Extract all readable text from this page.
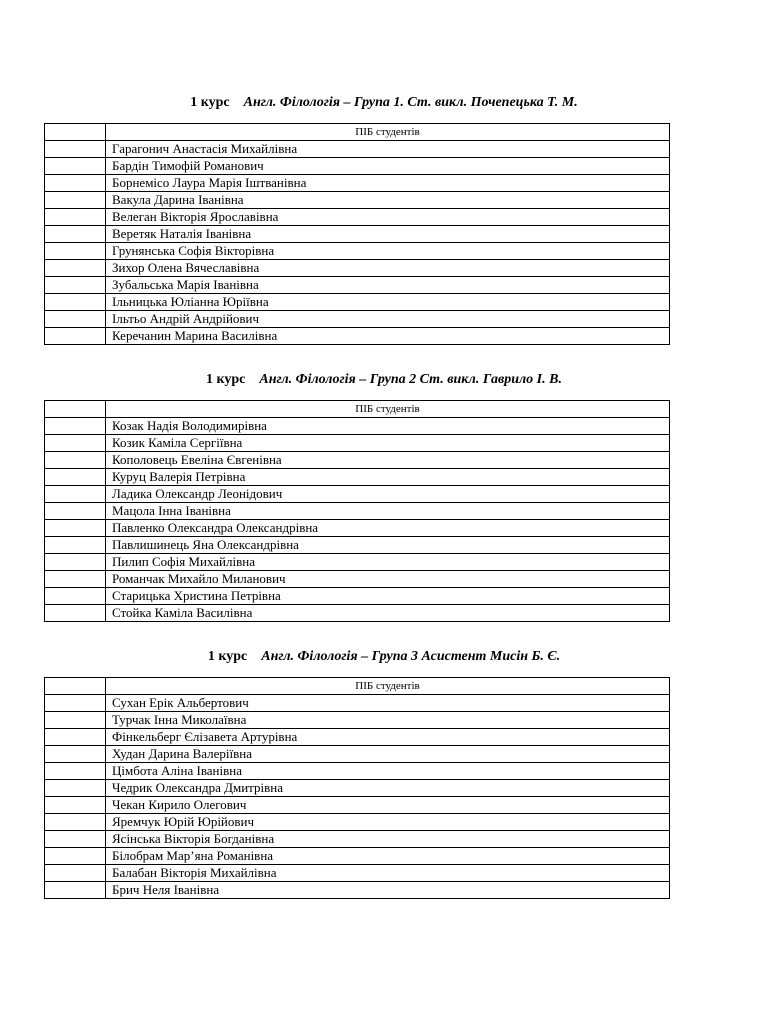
1 курс Англ. Філологія – Група 1. Ст. викл. Почепецька Т. М.
	ПІБ студентів
	Гарагонич Анастасія Михайлівна
	Бардін Тимофій Романович
	Борнемісо Лаура Марія Іштванівна
	Вакула Дарина Іванівна
	Велеган Вікторія Ярославівна
	Веретяк Наталія Іванівна
	Грунянська Софія Вікторівна
	Зихор Олена Вячеславівна
	Зубальська Марія Іванівна
	Ільницька Юліанна Юріївна
	Ільтьо Андрій Андрійович
	Керечанин Марина Василівна
1 курс Англ. Філологія – Група 2 Ст. викл. Гаврило І. В.
	ПІБ студентів
	Козак Надія Володимирівна
	Козик Каміла Сергіївна
	Кополовець Евеліна Євгенівна
	Куруц Валерія Петрівна
	Ладика Олександр Леонідович
	Мацола Інна Іванівна
	Павленко Олександра Олександрівна
	Павлишинець Яна Олександрівна
	Пилип Софія Михайлівна
	Романчак Михайло Миланович
	Старицька Христина Петрівна
	Стойка Каміла Василівна
1 курс Англ. Філологія – Група 3 Асистент Мисін Б. Є.
	ПІБ студентів
	Сухан Ерік Альбертович
	Турчак Інна Миколаївна
	Фінкельберг Єлізавета Артурівна
	Худан Дарина Валеріївна
	Цімбота Аліна Іванівна
	Чедрик Олександра Дмитрівна
	Чекан Кирило Олегович
	Яремчук Юрій Юрійович
	Ясінська Вікторія Богданівна
	Білобрам Мар’яна Романівна
	Балабан Вікторія Михайлівна
	Брич Неля Іванівна
